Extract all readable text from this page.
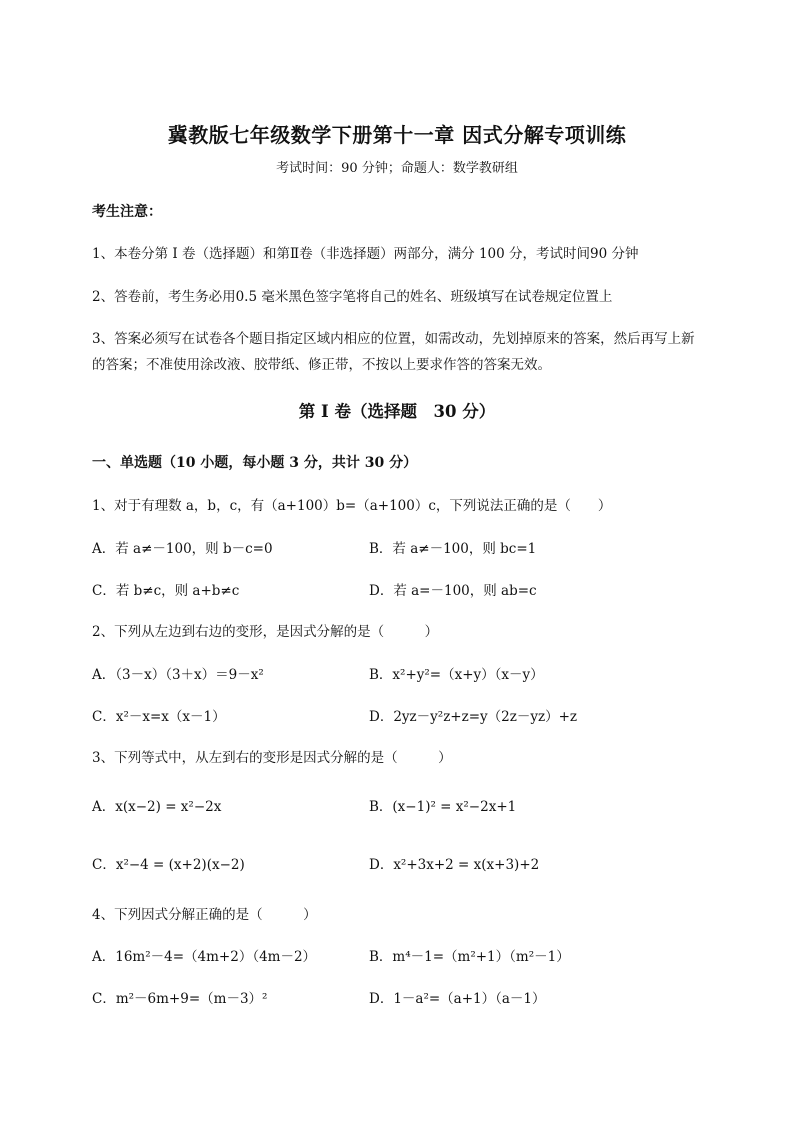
冀教版七年级数学下册第十一章 因式分解专项训练
考试时间：90 分钟；命题人：数学教研组
考生注意：
1、本卷分第 I 卷（选择题）和第Ⅱ卷（非选择题）两部分，满分 100 分，考试时间90 分钟
2、答卷前，考生务必用0.5 毫米黑色签字笔将自己的姓名、班级填写在试卷规定位置上
3、答案必须写在试卷各个题目指定区域内相应的位置，如需改动，先划掉原来的答案，然后再写上新
的答案；不准使用涂改液、胶带纸、修正带，不按以上要求作答的答案无效。
第 I 卷（选择题　30 分）
一、单选题（10 小题，每小题 3 分，共计 30 分）
1、对于有理数 a，b，c，有（a+100）b=（a+100）c，下列说法正确的是（　　）
A．若 a≠－100，则 b－c=0	B．若 a≠－100，则 bc=1
C．若 b≠c，则 a+b≠c	D．若 a=－100，则 ab=c
2、下列从左边到右边的变形，是因式分解的是（　　　）
A．（3－x）（3＋x）＝9－x²	B．x²+y²=（x+y）（x－y）
C．x²－x=x（x－1）	D．2yz－y²z+z=y（2z－yz）+z
3、下列等式中，从左到右的变形是因式分解的是（　　　）
A．x(x−2) = x²−2x	B．(x−1)² = x²−2x+1
C．x²−4 = (x+2)(x−2)	D．x²+3x+2 = x(x+3)+2
4、下列因式分解正确的是（　　　）
A．16m²－4=（4m+2）（4m－2）	B．m⁴－1=（m²+1）（m²－1）
C．m²－6m+9=（m－3）²	D．1－a²=（a+1）（a－1）
